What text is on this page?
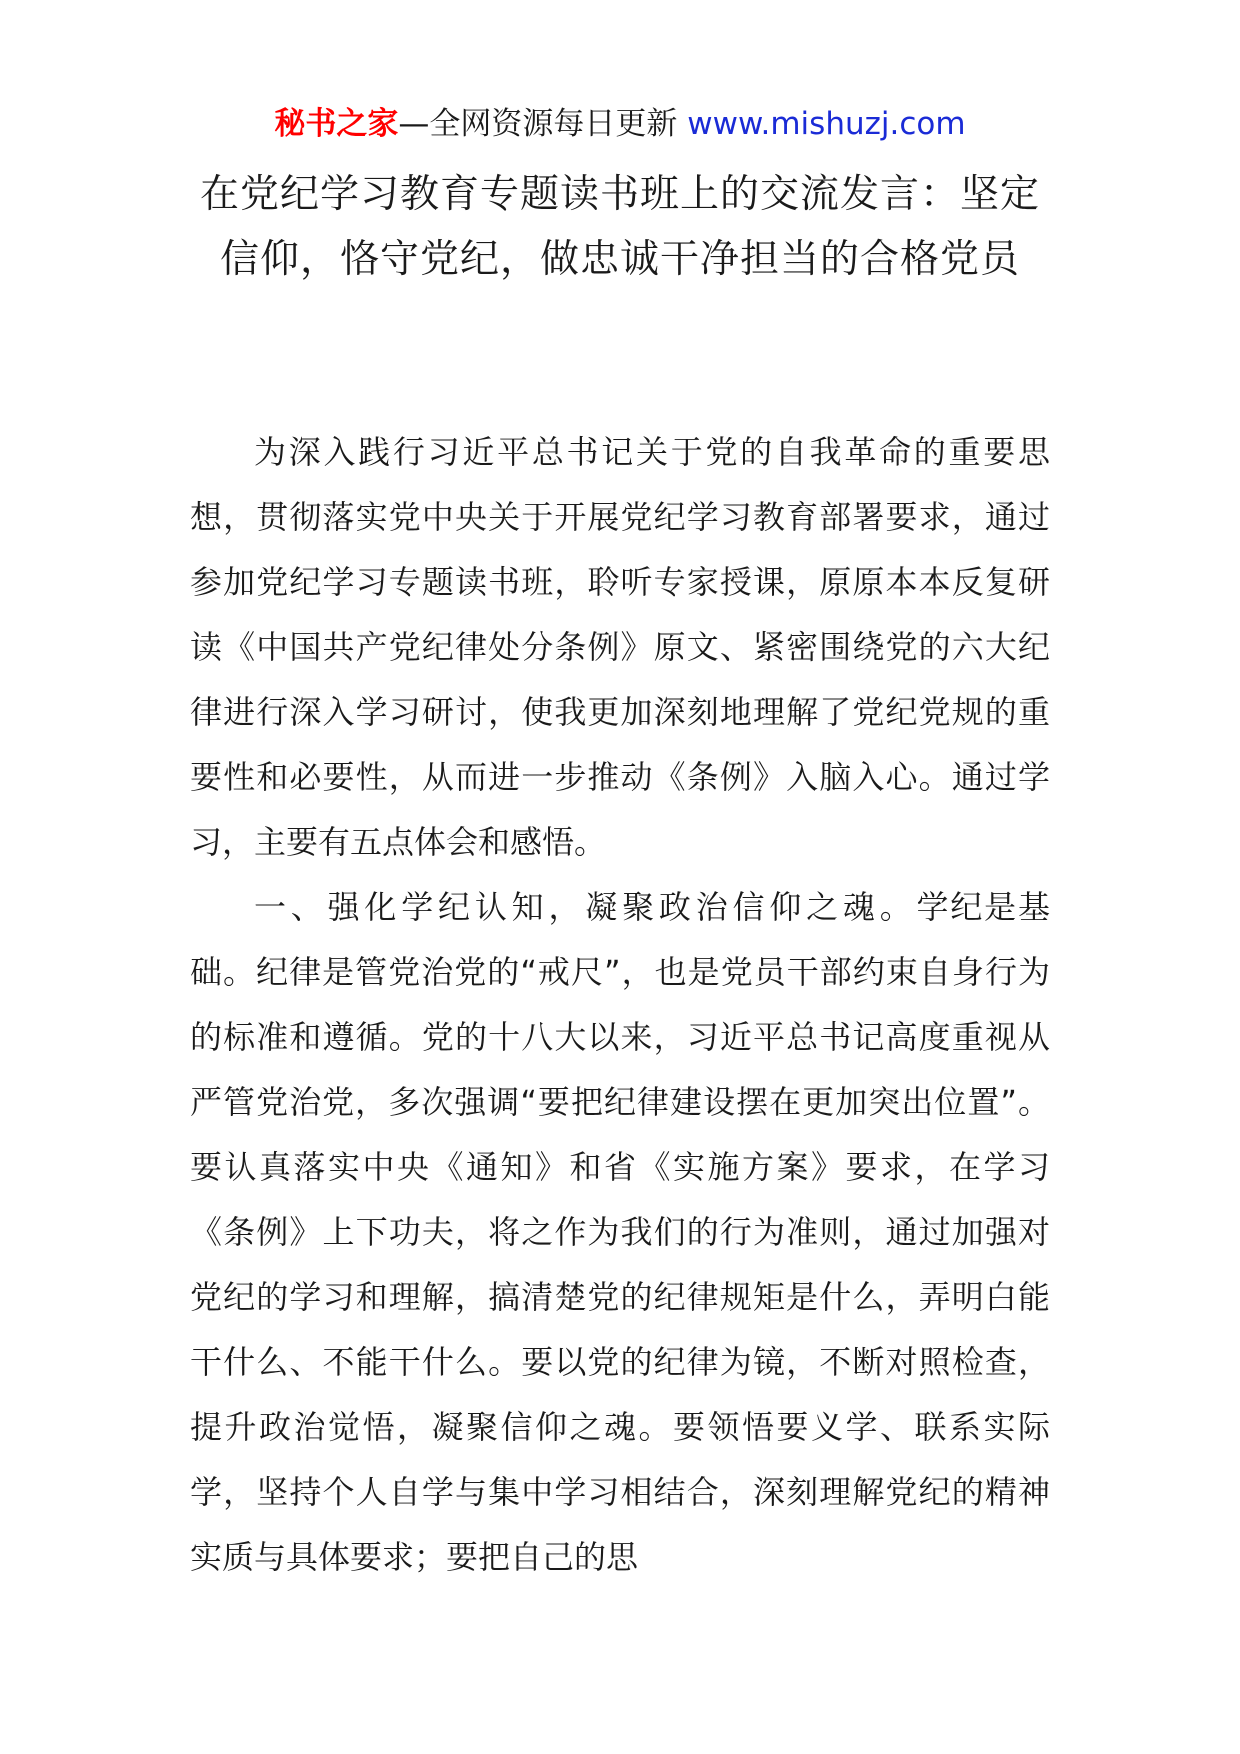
秘书之家—全网资源每日更新 www.mishuzj.com
在党纪学习教育专题读书班上的交流发言：坚定信仰，恪守党纪，做忠诚干净担当的合格党员

为深入践行习近平总书记关于党的自我革命的重要思想，贯彻落实党中央关于开展党纪学习教育部署要求，通过参加党纪学习专题读书班，聆听专家授课，原原本本反复研读《中国共产党纪律处分条例》原文、紧密围绕党的六大纪律进行深入学习研讨，使我更加深刻地理解了党纪党规的重要性和必要性，从而进一步推动《条例》入脑入心。通过学习，主要有五点体会和感悟。

一、强化学纪认知，凝聚政治信仰之魂。学纪是基础。纪律是管党治党的“戒尺”，也是党员干部约束自身行为的标准和遵循。党的十八大以来，习近平总书记高度重视从严管党治党，多次强调“要把纪律建设摆在更加突出位置”。要认真落实中央《通知》和省《实施方案》要求，在学习《条例》上下功夫，将之作为我们的行为准则，通过加强对党纪的学习和理解，搞清楚党的纪律规矩是什么，弄明白能干什么、不能干什么。要以党的纪律为镜，不断对照检查，提升政治觉悟，凝聚信仰之魂。要领悟要义学、联系实际学，坚持个人自学与集中学习相结合，深刻理解党纪的精神实质与具体要求；要把自己的思
